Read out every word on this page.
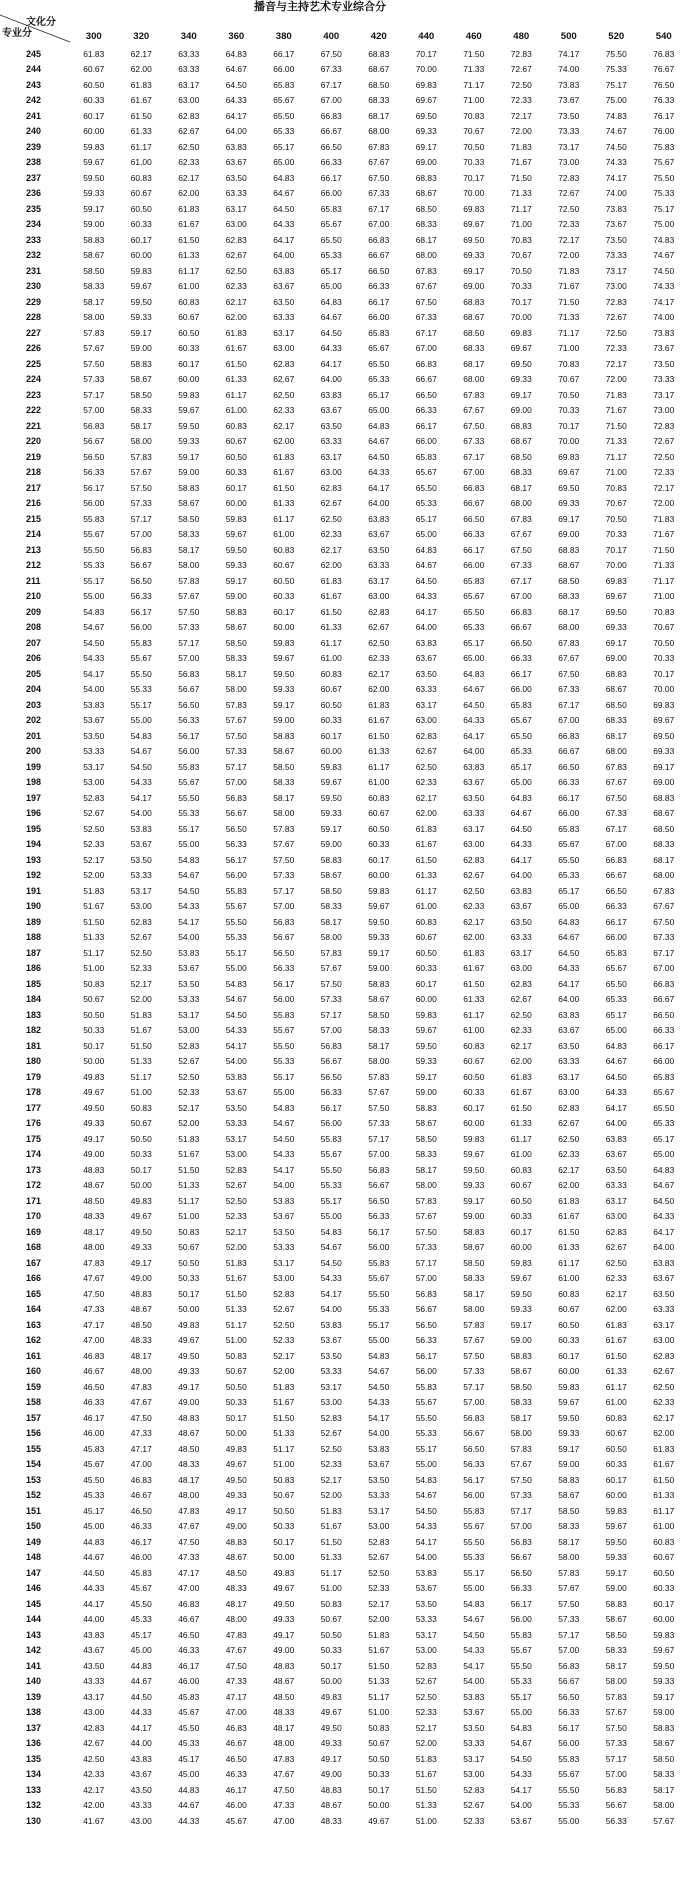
播音与主持艺术专业综合分
	300	320	340	360	380	400	420	440	460	480	500	520	540
245	61.83	62.17	63.33	64.83	66.17	67.50	68.83	70.17	71.50	72.83	74.17	75.50	76.83
244	60.67	62.00	63.33	64.67	66.00	67.33	68.67	70.00	71.33	72.67	74.00	75.33	76.67
243	60.50	61.83	63.17	64.50	65.83	67.17	68.50	69.83	71.17	72.50	73.83	75.17	76.50
242	60.33	61.67	63.00	64.33	65.67	67.00	68.33	69.67	71.00	72.33	73.67	75.00	76.33
241	60.17	61.50	62.83	64.17	65.50	66.83	68.17	69.50	70.83	72.17	73.50	74.83	76.17
240	60.00	61.33	62.67	64.00	65.33	66.67	68.00	69.33	70.67	72.00	73.33	74.67	76.00
239	59.83	61.17	62.50	63.83	65.17	66.50	67.83	69.17	70.50	71.83	73.17	74.50	75.83
238	59.67	61.00	62.33	63.67	65.00	66.33	67.67	69.00	70.33	71.67	73.00	74.33	75.67
237	59.50	60.83	62.17	63.50	64.83	66.17	67.50	68.83	70.17	71.50	72.83	74.17	75.50
236	59.33	60.67	62.00	63.33	64.67	66.00	67.33	68.67	70.00	71.33	72.67	74.00	75.33
235	59.17	60.50	61.83	63.17	64.50	65.83	67.17	68.50	69.83	71.17	72.50	73.83	75.17
234	59.00	60.33	61.67	63.00	64.33	65.67	67.00	68.33	69.67	71.00	72.33	73.67	75.00
233	58.83	60.17	61.50	62.83	64.17	65.50	66.83	68.17	69.50	70.83	72.17	73.50	74.83
232	58.67	60.00	61.33	62.67	64.00	65.33	66.67	68.00	69.33	70.67	72.00	73.33	74.67
231	58.50	59.83	61.17	62.50	63.83	65.17	66.50	67.83	69.17	70.50	71.83	73.17	74.50
230	58.33	59.67	61.00	62.33	63.67	65.00	66.33	67.67	69.00	70.33	71.67	73.00	74.33
229	58.17	59.50	60.83	62.17	63.50	64.83	66.17	67.50	68.83	70.17	71.50	72.83	74.17
228	58.00	59.33	60.67	62.00	63.33	64.67	66.00	67.33	68.67	70.00	71.33	72.67	74.00
227	57.83	59.17	60.50	61.83	63.17	64.50	65.83	67.17	68.50	69.83	71.17	72.50	73.83
226	57.67	59.00	60.33	61.67	63.00	64.33	65.67	67.00	68.33	69.67	71.00	72.33	73.67
225	57.50	58.83	60.17	61.50	62.83	64.17	65.50	66.83	68.17	69.50	70.83	72.17	73.50
224	57.33	58.67	60.00	61.33	62.67	64.00	65.33	66.67	68.00	69.33	70.67	72.00	73.33
223	57.17	58.50	59.83	61.17	62.50	63.83	65.17	66.50	67.83	69.17	70.50	71.83	73.17
222	57.00	58.33	59.67	61.00	62.33	63.67	65.00	66.33	67.67	69.00	70.33	71.67	73.00
221	56.83	58.17	59.50	60.83	62.17	63.50	64.83	66.17	67.50	68.83	70.17	71.50	72.83
220	56.67	58.00	59.33	60.67	62.00	63.33	64.67	66.00	67.33	68.67	70.00	71.33	72.67
219	56.50	57.83	59.17	60.50	61.83	63.17	64.50	65.83	67.17	68.50	69.83	71.17	72.50
218	56.33	57.67	59.00	60.33	61.67	63.00	64.33	65.67	67.00	68.33	69.67	71.00	72.33
217	56.17	57.50	58.83	60.17	61.50	62.83	64.17	65.50	66.83	68.17	69.50	70.83	72.17
216	56.00	57.33	58.67	60.00	61.33	62.67	64.00	65.33	66.67	68.00	69.33	70.67	72.00
215	55.83	57.17	58.50	59.83	61.17	62.50	63.83	65.17	66.50	67.83	69.17	70.50	71.83
214	55.67	57.00	58.33	59.67	61.00	62.33	63.67	65.00	66.33	67.67	69.00	70.33	71.67
213	55.50	56.83	58.17	59.50	60.83	62.17	63.50	64.83	66.17	67.50	68.83	70.17	71.50
212	55.33	56.67	58.00	59.33	60.67	62.00	63.33	64.67	66.00	67.33	68.67	70.00	71.33
211	55.17	56.50	57.83	59.17	60.50	61.83	63.17	64.50	65.83	67.17	68.50	69.83	71.17
210	55.00	56.33	57.67	59.00	60.33	61.67	63.00	64.33	65.67	67.00	68.33	69.67	71.00
209	54.83	56.17	57.50	58.83	60.17	61.50	62.83	64.17	65.50	66.83	68.17	69.50	70.83
208	54.67	56.00	57.33	58.67	60.00	61.33	62.67	64.00	65.33	66.67	68.00	69.33	70.67
207	54.50	55.83	57.17	58.50	59.83	61.17	62.50	63.83	65.17	66.50	67.83	69.17	70.50
206	54.33	55.67	57.00	58.33	59.67	61.00	62.33	63.67	65.00	66.33	67.67	69.00	70.33
205	54.17	55.50	56.83	58.17	59.50	60.83	62.17	63.50	64.83	66.17	67.50	68.83	70.17
204	54.00	55.33	56.67	58.00	59.33	60.67	62.00	63.33	64.67	66.00	67.33	68.67	70.00
203	53.83	55.17	56.50	57.83	59.17	60.50	61.83	63.17	64.50	65.83	67.17	68.50	69.83
202	53.67	55.00	56.33	57.67	59.00	60.33	61.67	63.00	64.33	65.67	67.00	68.33	69.67
201	53.50	54.83	56.17	57.50	58.83	60.17	61.50	62.83	64.17	65.50	66.83	68.17	69.50
200	53.33	54.67	56.00	57.33	58.67	60.00	61.33	62.67	64.00	65.33	66.67	68.00	69.33
199	53.17	54.50	55.83	57.17	58.50	59.83	61.17	62.50	63.83	65.17	66.50	67.83	69.17
198	53.00	54.33	55.67	57.00	58.33	59.67	61.00	62.33	63.67	65.00	66.33	67.67	69.00
197	52.83	54.17	55.50	56.83	58.17	59.50	60.83	62.17	63.50	64.83	66.17	67.50	68.83
196	52.67	54.00	55.33	56.67	58.00	59.33	60.67	62.00	63.33	64.67	66.00	67.33	68.67
195	52.50	53.83	55.17	56.50	57.83	59.17	60.50	61.83	63.17	64.50	65.83	67.17	68.50
194	52.33	53.67	55.00	56.33	57.67	59.00	60.33	61.67	63.00	64.33	65.67	67.00	68.33
193	52.17	53.50	54.83	56.17	57.50	58.83	60.17	61.50	62.83	64.17	65.50	66.83	68.17
192	52.00	53.33	54.67	56.00	57.33	58.67	60.00	61.33	62.67	64.00	65.33	66.67	68.00
191	51.83	53.17	54.50	55.83	57.17	58.50	59.83	61.17	62.50	63.83	65.17	66.50	67.83
190	51.67	53.00	54.33	55.67	57.00	58.33	59.67	61.00	62.33	63.67	65.00	66.33	67.67
189	51.50	52.83	54.17	55.50	56.83	58.17	59.50	60.83	62.17	63.50	64.83	66.17	67.50
188	51.33	52.67	54.00	55.33	56.67	58.00	59.33	60.67	62.00	63.33	64.67	66.00	67.33
187	51.17	52.50	53.83	55.17	56.50	57.83	59.17	60.50	61.83	63.17	64.50	65.83	67.17
186	51.00	52.33	53.67	55.00	56.33	57.67	59.00	60.33	61.67	63.00	64.33	65.67	67.00
185	50.83	52.17	53.50	54.83	56.17	57.50	58.83	60.17	61.50	62.83	64.17	65.50	66.83
184	50.67	52.00	53.33	54.67	56.00	57.33	58.67	60.00	61.33	62.67	64.00	65.33	66.67
183	50.50	51.83	53.17	54.50	55.83	57.17	58.50	59.83	61.17	62.50	63.83	65.17	66.50
182	50.33	51.67	53.00	54.33	55.67	57.00	58.33	59.67	61.00	62.33	63.67	65.00	66.33
181	50.17	51.50	52.83	54.17	55.50	56.83	58.17	59.50	60.83	62.17	63.50	64.83	66.17
180	50.00	51.33	52.67	54.00	55.33	56.67	58.00	59.33	60.67	62.00	63.33	64.67	66.00
179	49.83	51.17	52.50	53.83	55.17	56.50	57.83	59.17	60.50	61.83	63.17	64.50	65.83
178	49.67	51.00	52.33	53.67	55.00	56.33	57.67	59.00	60.33	61.67	63.00	64.33	65.67
177	49.50	50.83	52.17	53.50	54.83	56.17	57.50	58.83	60.17	61.50	62.83	64.17	65.50
176	49.33	50.67	52.00	53.33	54.67	56.00	57.33	58.67	60.00	61.33	62.67	64.00	65.33
175	49.17	50.50	51.83	53.17	54.50	55.83	57.17	58.50	59.83	61.17	62.50	63.83	65.17
174	49.00	50.33	51.67	53.00	54.33	55.67	57.00	58.33	59.67	61.00	62.33	63.67	65.00
173	48.83	50.17	51.50	52.83	54.17	55.50	56.83	58.17	59.50	60.83	62.17	63.50	64.83
172	48.67	50.00	51.33	52.67	54.00	55.33	56.67	58.00	59.33	60.67	62.00	63.33	64.67
171	48.50	49.83	51.17	52.50	53.83	55.17	56.50	57.83	59.17	60.50	61.83	63.17	64.50
170	48.33	49.67	51.00	52.33	53.67	55.00	56.33	57.67	59.00	60.33	61.67	63.00	64.33
169	48.17	49.50	50.83	52.17	53.50	54.83	56.17	57.50	58.83	60.17	61.50	62.83	64.17
168	48.00	49.33	50.67	52.00	53.33	54.67	56.00	57.33	58.67	60.00	61.33	62.67	64.00
167	47.83	49.17	50.50	51.83	53.17	54.50	55.83	57.17	58.50	59.83	61.17	62.50	63.83
166	47.67	49.00	50.33	51.67	53.00	54.33	55.67	57.00	58.33	59.67	61.00	62.33	63.67
165	47.50	48.83	50.17	51.50	52.83	54.17	55.50	56.83	58.17	59.50	60.83	62.17	63.50
164	47.33	48.67	50.00	51.33	52.67	54.00	55.33	56.67	58.00	59.33	60.67	62.00	63.33
163	47.17	48.50	49.83	51.17	52.50	53.83	55.17	56.50	57.83	59.17	60.50	61.83	63.17
162	47.00	48.33	49.67	51.00	52.33	53.67	55.00	56.33	57.67	59.00	60.33	61.67	63.00
161	46.83	48.17	49.50	50.83	52.17	53.50	54.83	56.17	57.50	58.83	60.17	61.50	62.83
160	46.67	48.00	49.33	50.67	52.00	53.33	54.67	56.00	57.33	58.67	60.00	61.33	62.67
159	46.50	47.83	49.17	50.50	51.83	53.17	54.50	55.83	57.17	58.50	59.83	61.17	62.50
158	46.33	47.67	49.00	50.33	51.67	53.00	54.33	55.67	57.00	58.33	59.67	61.00	62.33
157	46.17	47.50	48.83	50.17	51.50	52.83	54.17	55.50	56.83	58.17	59.50	60.83	62.17
156	46.00	47.33	48.67	50.00	51.33	52.67	54.00	55.33	56.67	58.00	59.33	60.67	62.00
155	45.83	47.17	48.50	49.83	51.17	52.50	53.83	55.17	56.50	57.83	59.17	60.50	61.83
154	45.67	47.00	48.33	49.67	51.00	52.33	53.67	55.00	56.33	57.67	59.00	60.33	61.67
153	45.50	46.83	48.17	49.50	50.83	52.17	53.50	54.83	56.17	57.50	58.83	60.17	61.50
152	45.33	46.67	48.00	49.33	50.67	52.00	53.33	54.67	56.00	57.33	58.67	60.00	61.33
151	45.17	46.50	47.83	49.17	50.50	51.83	53.17	54.50	55.83	57.17	58.50	59.83	61.17
150	45.00	46.33	47.67	49.00	50.33	51.67	53.00	54.33	55.67	57.00	58.33	59.67	61.00
149	44.83	46.17	47.50	48.83	50.17	51.50	52.83	54.17	55.50	56.83	58.17	59.50	60.83
148	44.67	46.00	47.33	48.67	50.00	51.33	52.67	54.00	55.33	56.67	58.00	59.33	60.67
147	44.50	45.83	47.17	48.50	49.83	51.17	52.50	53.83	55.17	56.50	57.83	59.17	60.50
146	44.33	45.67	47.00	48.33	49.67	51.00	52.33	53.67	55.00	56.33	57.67	59.00	60.33
145	44.17	45.50	46.83	48.17	49.50	50.83	52.17	53.50	54.83	56.17	57.50	58.83	60.17
144	44.00	45.33	46.67	48.00	49.33	50.67	52.00	53.33	54.67	56.00	57.33	58.67	60.00
143	43.83	45.17	46.50	47.83	49.17	50.50	51.83	53.17	54.50	55.83	57.17	58.50	59.83
142	43.67	45.00	46.33	47.67	49.00	50.33	51.67	53.00	54.33	55.67	57.00	58.33	59.67
141	43.50	44.83	46.17	47.50	48.83	50.17	51.50	52.83	54.17	55.50	56.83	58.17	59.50
140	43.33	44.67	46.00	47.33	48.67	50.00	51.33	52.67	54.00	55.33	56.67	58.00	59.33
139	43.17	44.50	45.83	47.17	48.50	49.83	51.17	52.50	53.83	55.17	56.50	57.83	59.17
138	43.00	44.33	45.67	47.00	48.33	49.67	51.00	52.33	53.67	55.00	56.33	57.67	59.00
137	42.83	44.17	45.50	46.83	48.17	49.50	50.83	52.17	53.50	54.83	56.17	57.50	58.83
136	42.67	44.00	45.33	46.67	48.00	49.33	50.67	52.00	53.33	54.67	56.00	57.33	58.67
135	42.50	43.83	45.17	46.50	47.83	49.17	50.50	51.83	53.17	54.50	55.83	57.17	58.50
134	42.33	43.67	45.00	46.33	47.67	49.00	50.33	51.67	53.00	54.33	55.67	57.00	58.33
133	42.17	43.50	44.83	46.17	47.50	48.83	50.17	51.50	52.83	54.17	55.50	56.83	58.17
132	42.00	43.33	44.67	46.00	47.33	48.67	50.00	51.33	52.67	54.00	55.33	56.67	58.00
130	41.67	43.00	44.33	45.67	47.00	48.33	49.67	51.00	52.33	53.67	55.00	56.33	57.67
文化分
专业分
